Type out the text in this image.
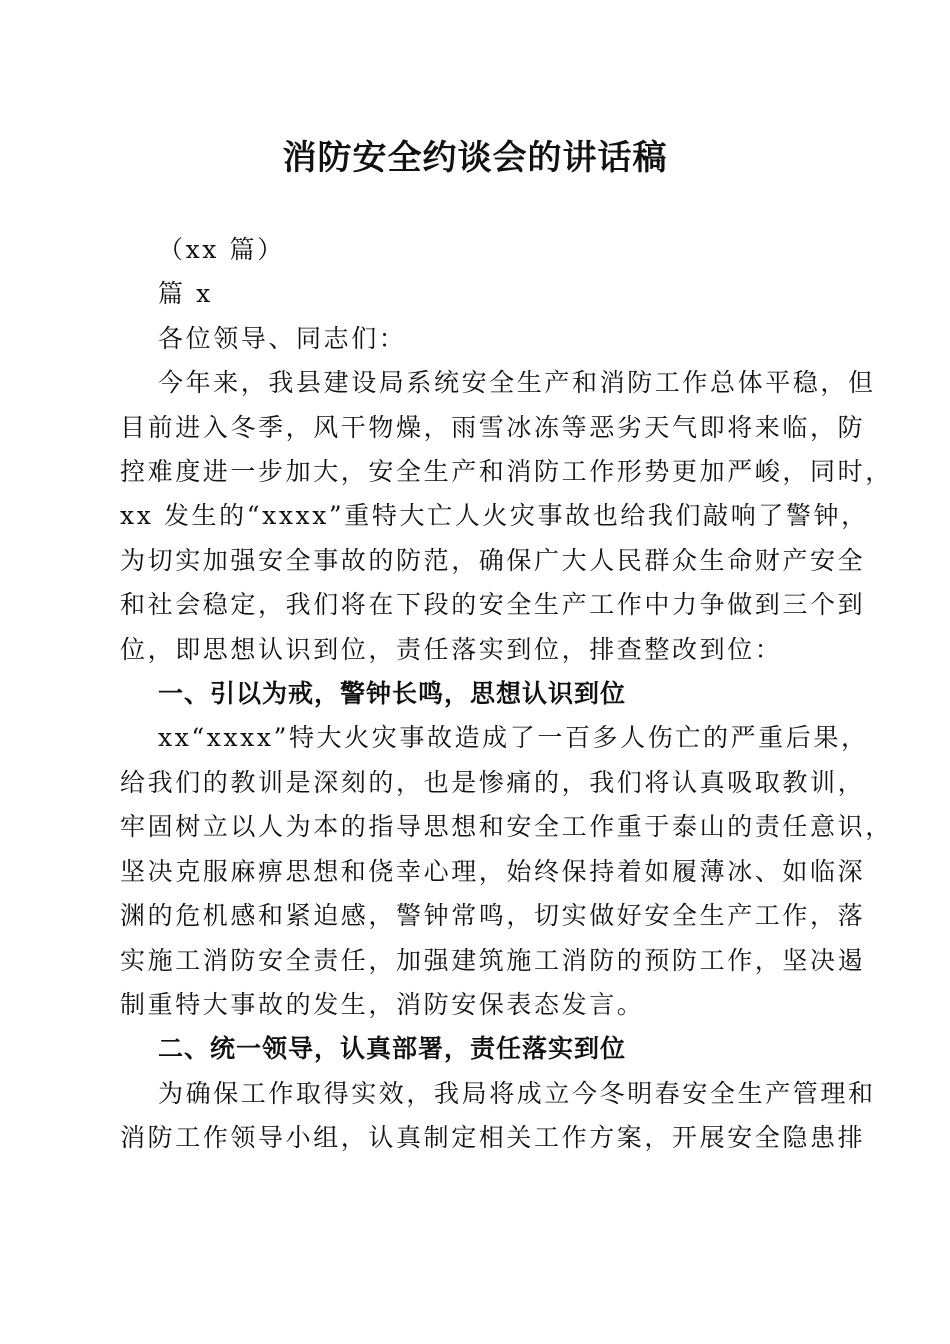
消防安全约谈会的讲话稿
（xx 篇）
篇 x
各位领导、同志们：
今年来，我县建设局系统安全生产和消防工作总体平稳，但
目前进入冬季，风干物燥，雨雪冰冻等恶劣天气即将来临，防
控难度进一步加大，安全生产和消防工作形势更加严峻，同时，
xx 发生的“xxxx”重特大亡人火灾事故也给我们敲响了警钟，
为切实加强安全事故的防范，确保广大人民群众生命财产安全
和社会稳定，我们将在下段的安全生产工作中力争做到三个到
位，即思想认识到位，责任落实到位，排查整改到位：
一、引以为戒，警钟长鸣，思想认识到位
xx“xxxx”特大火灾事故造成了一百多人伤亡的严重后果，
给我们的教训是深刻的，也是惨痛的，我们将认真吸取教训，
牢固树立以人为本的指导思想和安全工作重于泰山的责任意识，
坚决克服麻痹思想和侥幸心理，始终保持着如履薄冰、如临深
渊的危机感和紧迫感，警钟常鸣，切实做好安全生产工作，落
实施工消防安全责任，加强建筑施工消防的预防工作，坚决遏
制重特大事故的发生，消防安保表态发言。
二、统一领导，认真部署，责任落实到位
为确保工作取得实效，我局将成立今冬明春安全生产管理和
消防工作领导小组，认真制定相关工作方案，开展安全隐患排
